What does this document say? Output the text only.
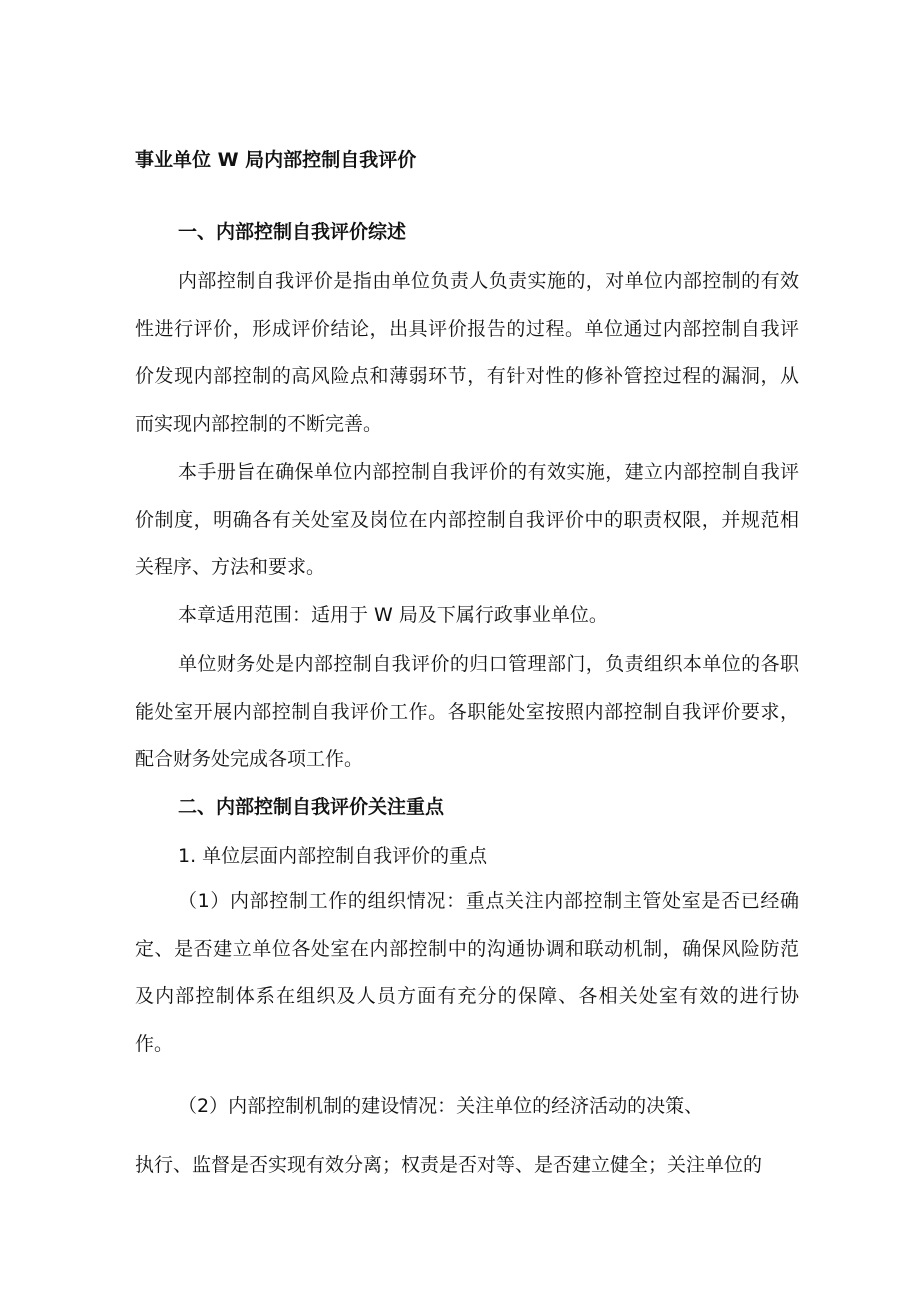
事业单位 W 局内部控制自我评价
一、内部控制自我评价综述

内部控制自我评价是指由单位负责人负责实施的，对单位内部控制的有效性进行评价，形成评价结论，出具评价报告的过程。单位通过内部控制自我评价发现内部控制的高风险点和薄弱环节，有针对性的修补管控过程的漏洞，从而实现内部控制的不断完善。

本手册旨在确保单位内部控制自我评价的有效实施，建立内部控制自我评价制度，明确各有关处室及岗位在内部控制自我评价中的职责权限，并规范相关程序、方法和要求。

本章适用范围：适用于 W 局及下属行政事业单位。

单位财务处是内部控制自我评价的归口管理部门，负责组织本单位的各职能处室开展内部控制自我评价工作。各职能处室按照内部控制自我评价要求，配合财务处完成各项工作。

二、内部控制自我评价关注重点
1. 单位层面内部控制自我评价的重点

（1）内部控制工作的组织情况：重点关注内部控制主管处室是否已经确定、是否建立单位各处室在内部控制中的沟通协调和联动机制，确保风险防范及内部控制体系在组织及人员方面有充分的保障、各相关处室有效的进行协作。

（2）内部控制机制的建设情况：关注单位的经济活动的决策、
执行、监督是否实现有效分离；权责是否对等、是否建立健全；关注单位的
